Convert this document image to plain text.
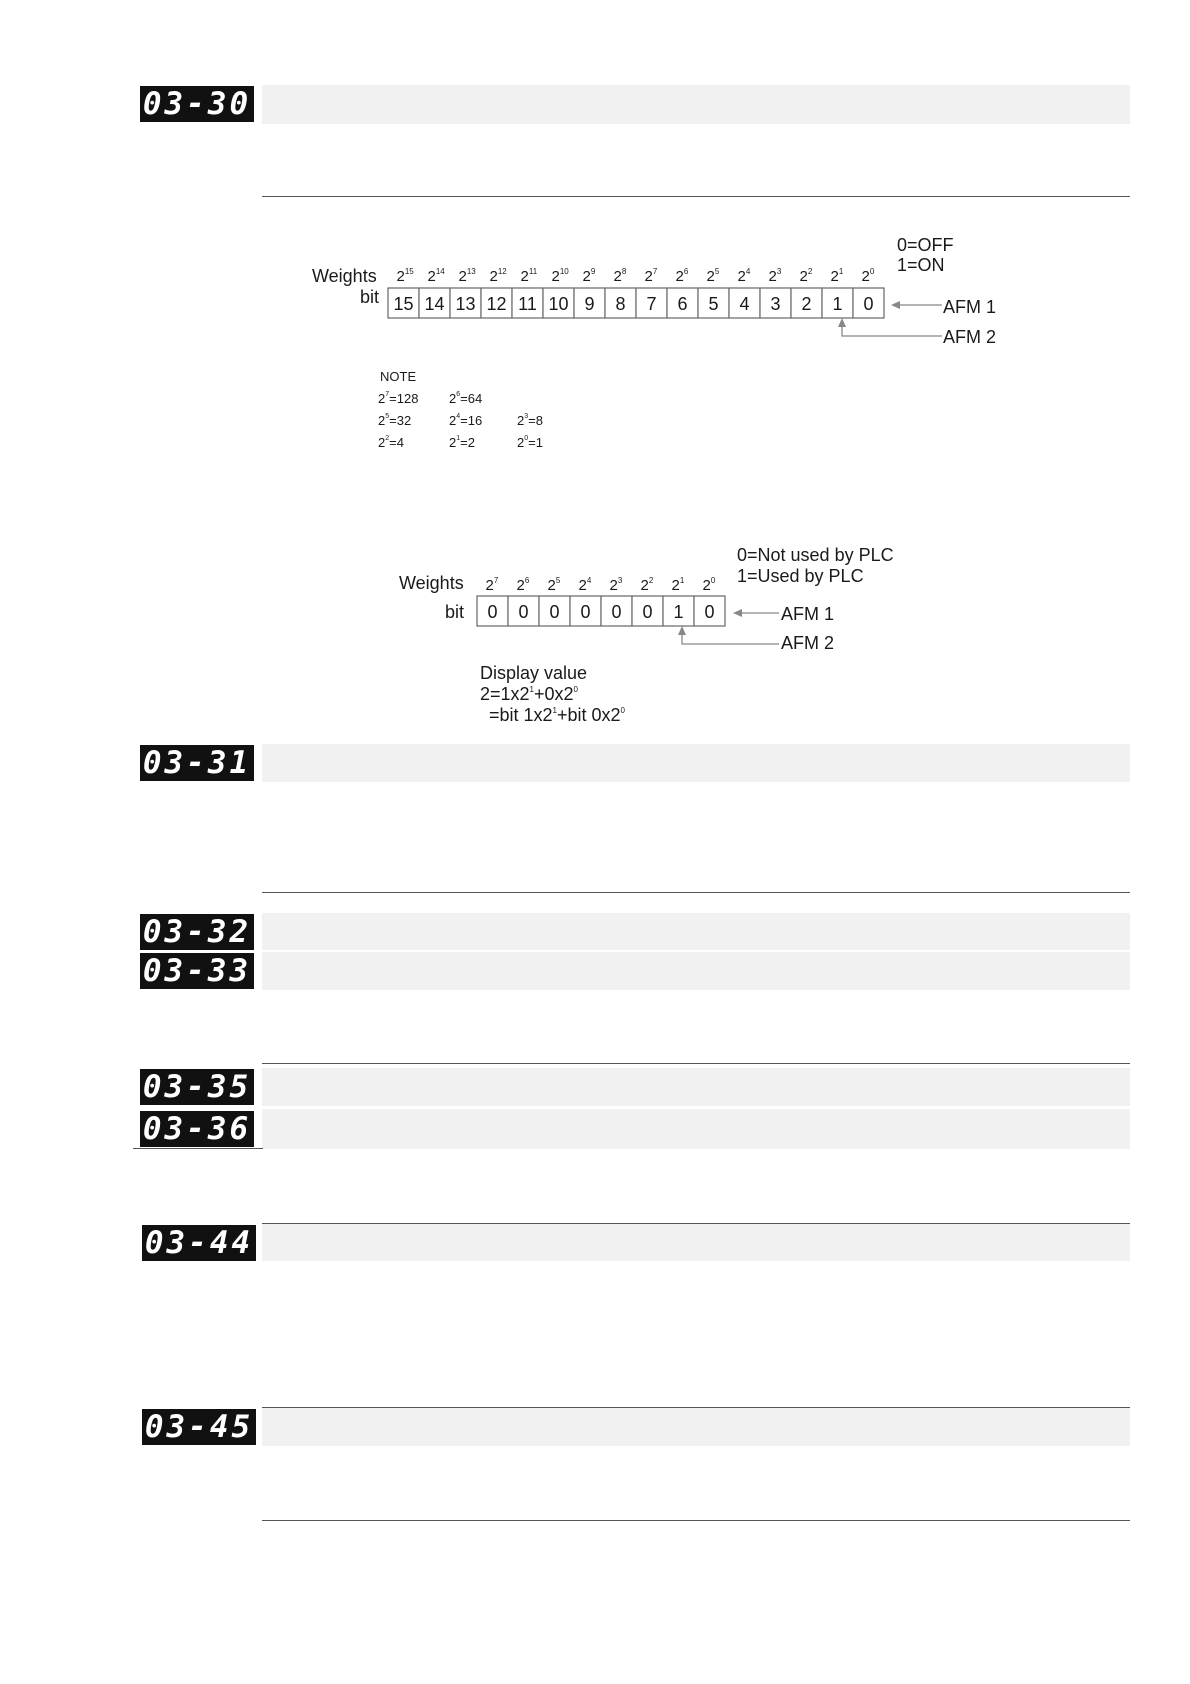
03-30
Weights
bit
0=OFF
1=ON
$2^{15}$ $2^{14}$ $2^{13}$ $2^{12}$ $2^{11}$ $2^{10}$ $2^9$ $2^8$ $2^7$ $2^6$ $2^5$ $2^4$ $2^3$ $2^2$ $2^1$ $2^0$
15 14 13 12 11 10 9 8 7 6 5 4 3 2 1 0	AFM 1
AFM 2
NOTE
$2^7=128$ $2^6=64$
$2^5=32$	$2^4=16$	$2^3=8$
$2^2=4$	$2^1=2$	$2^0=1$
Weights
bit
0=Not used by PLC
1=Used by PLC
$2^7$ $2^6$ $2^5$ $2^4$ $2^3$ $2^2$ $2^1$ $2^0$
0 0 0 0 0 0 1 0	AFM 1
AFM 2
Display value
$2=1x2^1+0x2^0$
=bit $1x2^1+bit$ $0x2^0$
03-31
03-32
03-33
03-35
03-36
03-44
03-45
